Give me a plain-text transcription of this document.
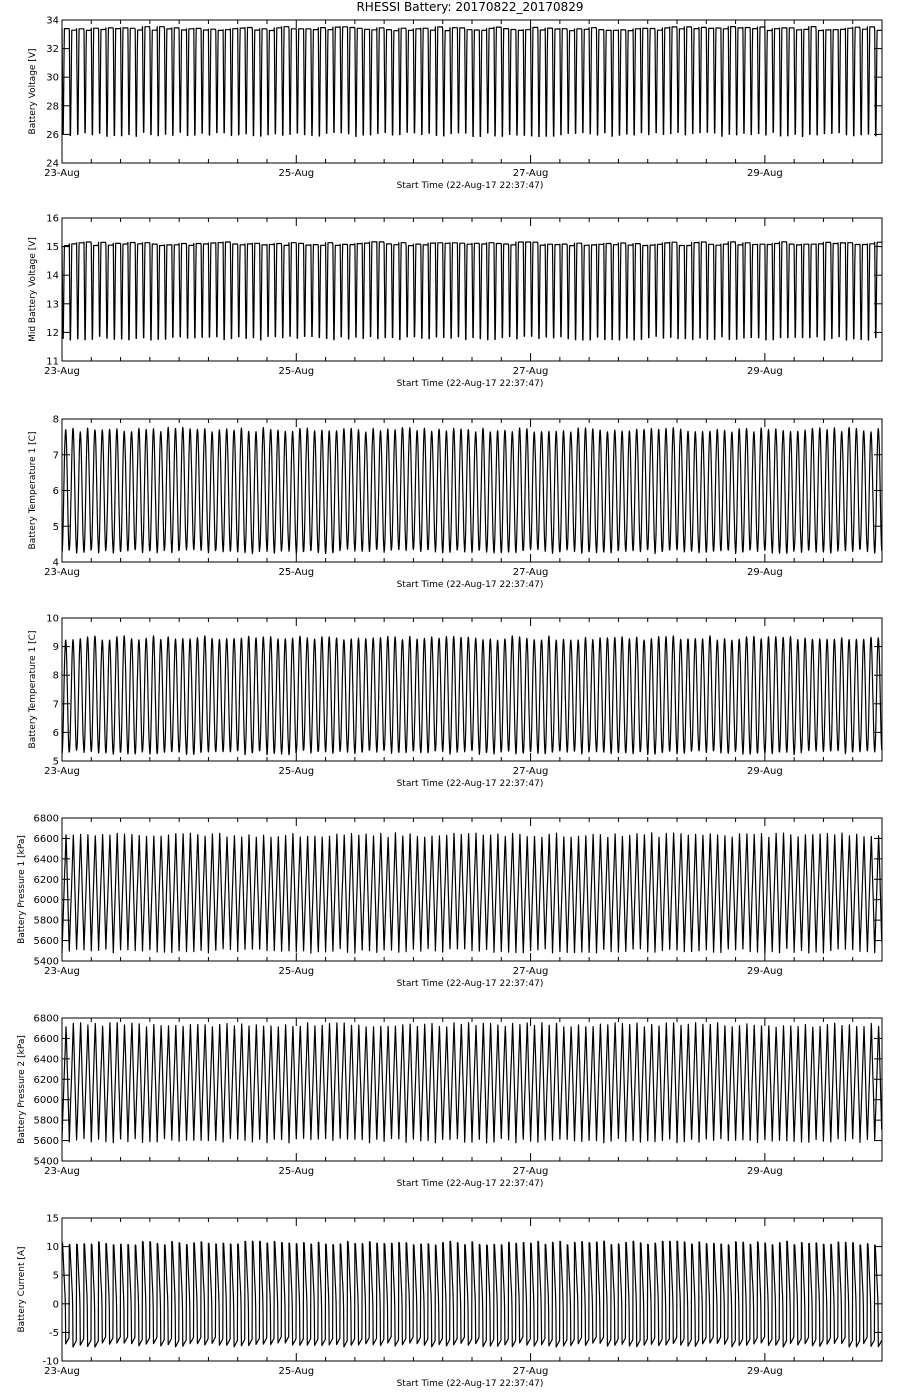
RHESSI Battery: 20170822_20170829
24
26
28
30
32
34
23-Aug	25-Aug	27-Aug	29-Aug
Start Time (22-Aug-17 22:37:47)
Battery Voltage [V]
11
12
13
14
15
16
23-Aug	25-Aug	27-Aug	29-Aug
Start Time (22-Aug-17 22:37:47)
Mid Battery Voltage [V]
4
5
6
7
8
23-Aug	25-Aug	27-Aug	29-Aug
Start Time (22-Aug-17 22:37:47)
Battery Temperature 1 [C]
5
6
7
8
9
10
23-Aug	25-Aug	27-Aug	29-Aug
Start Time (22-Aug-17 22:37:47)
Battery Temperature 1 [C]
5400
5600
5800
6000
6200
6400
6600
6800
23-Aug	25-Aug	27-Aug	29-Aug
Start Time (22-Aug-17 22:37:47)
Battery Pressure 1 [kPa]
5400
5600
5800
6000
6200
6400
6600
6800
23-Aug	25-Aug	27-Aug	29-Aug
Start Time (22-Aug-17 22:37:47)
Battery Pressure 2 [kPa]
-10
-5
0
5
10
15
23-Aug	25-Aug	27-Aug	29-Aug
Start Time (22-Aug-17 22:37:47)
Battery Current [A]
